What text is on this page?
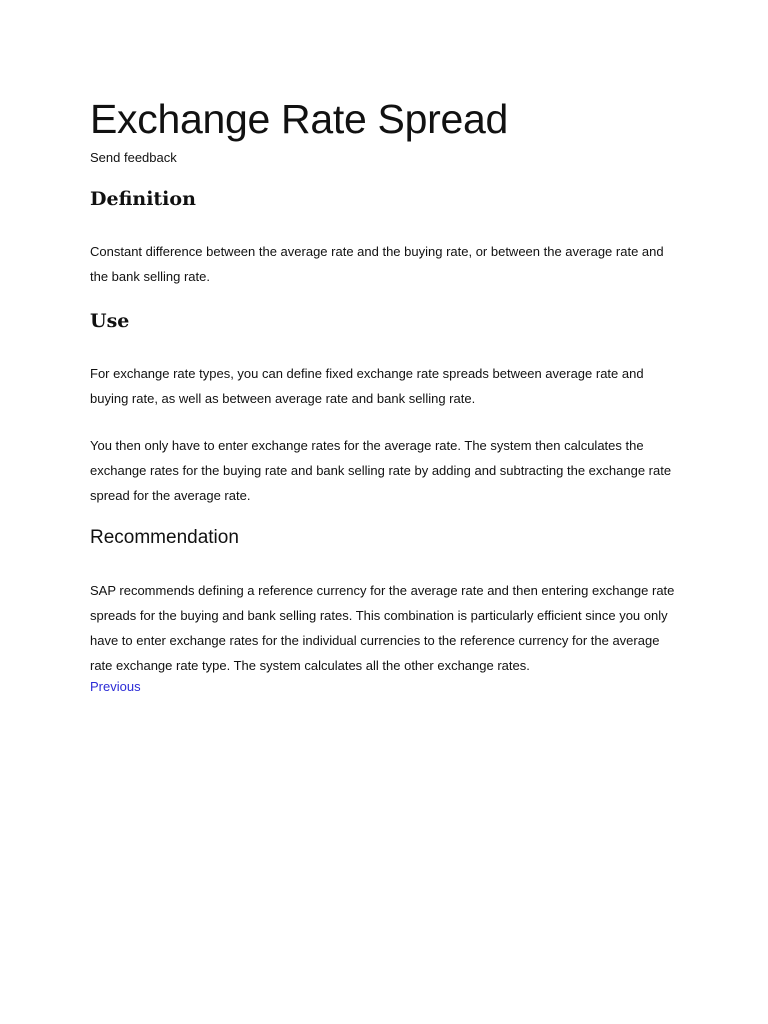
Exchange Rate Spread
Send feedback
Definition

Constant difference between the average rate and the buying rate, or between the average rate and the bank selling rate.

Use

For exchange rate types, you can define fixed exchange rate spreads between average rate and buying rate, as well as between average rate and bank selling rate.

You then only have to enter exchange rates for the average rate. The system then calculates the exchange rates for the buying rate and bank selling rate by adding and subtracting the exchange rate spread for the average rate.

Recommendation

SAP recommends defining a reference currency for the average rate and then entering exchange rate spreads for the buying and bank selling rates. This combination is particularly efficient since you only have to enter exchange rates for the individual currencies to the reference currency for the average rate exchange rate type. The system calculates all the other exchange rates.

Previous
